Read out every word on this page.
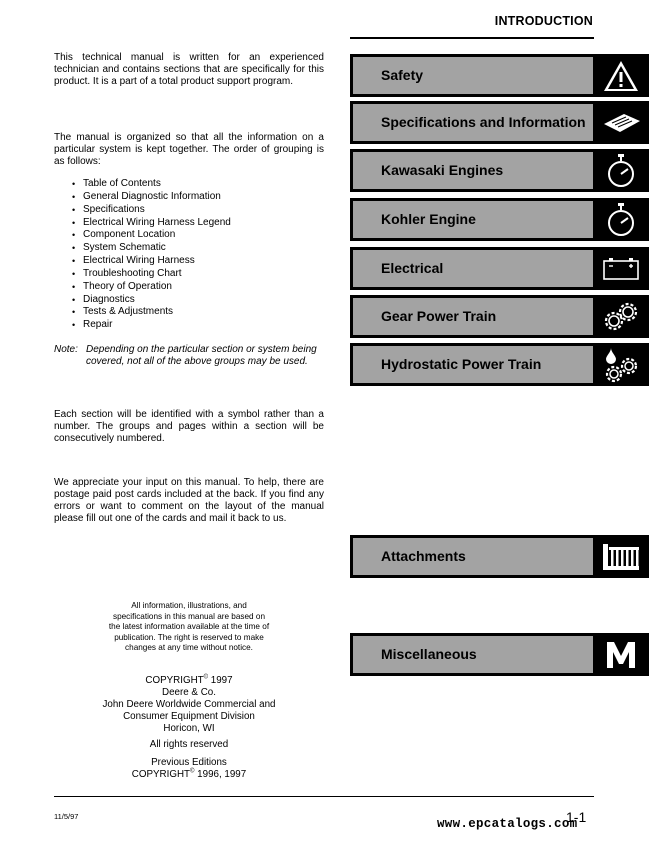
INTRODUCTION
This technical manual is written for an experienced technician and contains sections that are specifically for this product. It is a part of a total product support program.
The manual is organized so that all the information on a particular system is kept together. The order of grouping is as follows:
• Table of Contents
• General Diagnostic Information
• Specifications
• Electrical Wiring Harness Legend
• Component Location
• System Schematic
• Electrical Wiring Harness
• Troubleshooting Chart
• Theory of Operation
• Diagnostics
• Tests & Adjustments
• Repair
Note: Depending on the particular section or system being covered, not all of the above groups may be used.
Each section will be identified with a symbol rather than a number. The groups and pages within a section will be consecutively numbered.
We appreciate your input on this manual. To help, there are postage paid post cards included at the back. If you find any errors or want to comment on the layout of the manual please fill out one of the cards and mail it back to us.
All information, illustrations, and
specifications in this manual are based on
the latest information available at the time of
publication. The right is reserved to make
changes at any time without notice.
COPYRIGHT© 1997
Deere & Co.
John Deere Worldwide Commercial and
Consumer Equipment Division
Horicon, WI
All rights reserved
Previous Editions
COPYRIGHT© 1996, 1997
11/5/97	1-1
www.epcatalogs.com
Safety
Specifications and Information
Kawasaki Engines
Kohler Engine
Electrical
Gear Power Train
Hydrostatic Power Train
Attachments
Miscellaneous
